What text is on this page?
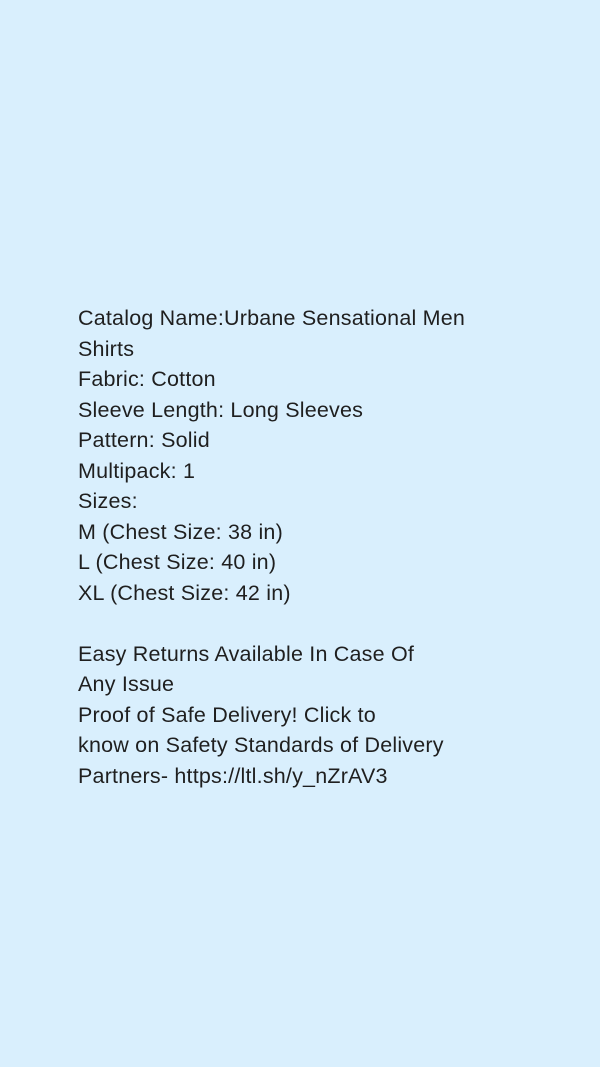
Catalog Name:Urbane Sensational Men
Shirts
Fabric: Cotton
Sleeve Length: Long Sleeves
Pattern: Solid
Multipack: 1
Sizes:
M (Chest Size: 38 in)
L (Chest Size: 40 in)
XL (Chest Size: 42 in)
Easy Returns Available In Case Of
Any Issue
Proof of Safe Delivery! Click to
know on Safety Standards of Delivery
Partners- https://ltl.sh/y_nZrAV3
